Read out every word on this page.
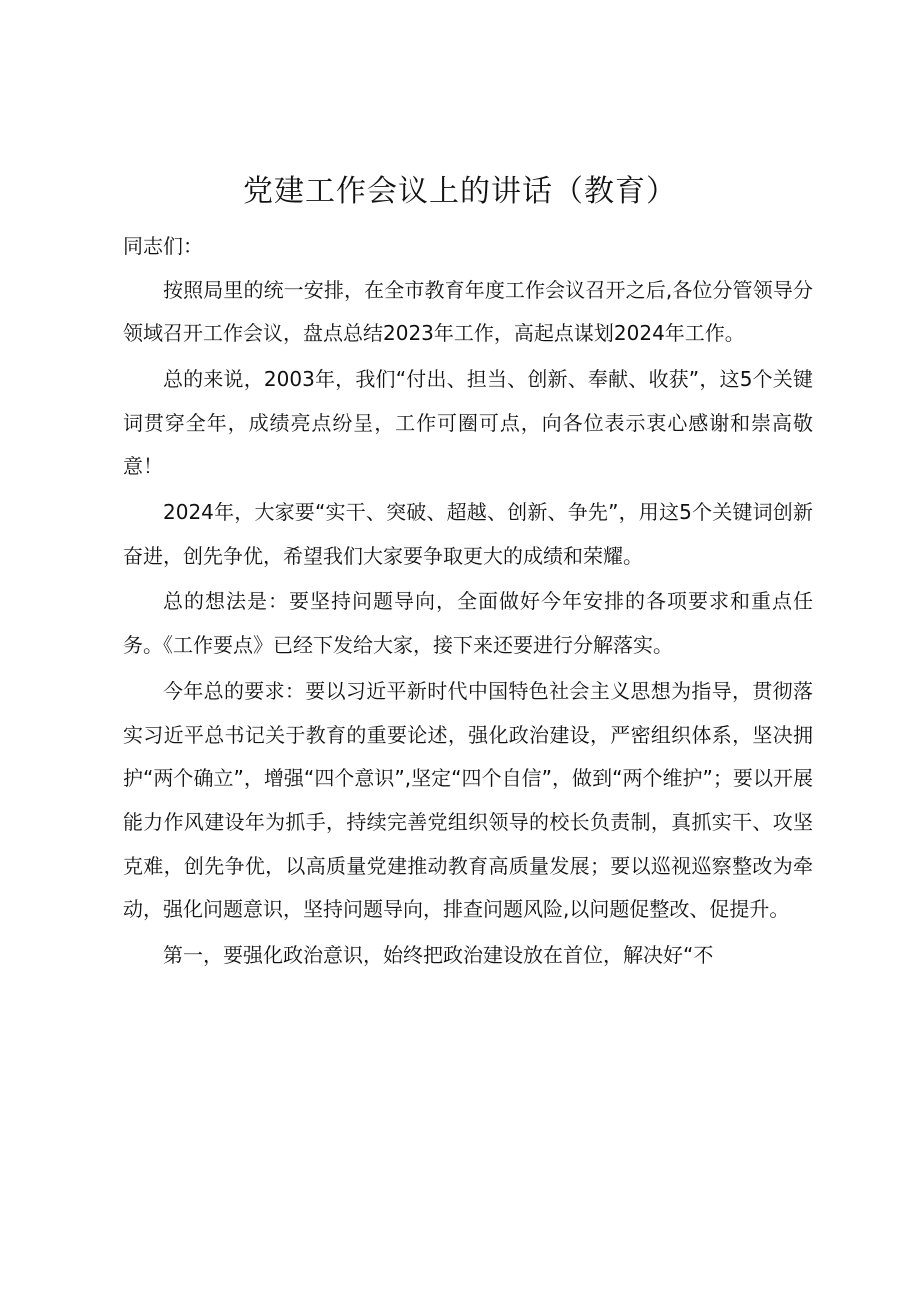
党建工作会议上的讲话（教育）

同志们：

按照局里的统一安排，在全市教育年度工作会议召开之后,各位分管领导分领域召开工作会议，盘点总结2023年工作，高起点谋划2024年工作。

总的来说，2003年，我们“付出、担当、创新、奉献、收获”，这5个关键词贯穿全年，成绩亮点纷呈，工作可圈可点，向各位表示衷心感谢和崇高敬意！

2024年，大家要“实干、突破、超越、创新、争先”，用这5个关键词创新奋进，创先争优，希望我们大家要争取更大的成绩和荣耀。

总的想法是：要坚持问题导向，全面做好今年安排的各项要求和重点任务。《工作要点》已经下发给大家，接下来还要进行分解落实。

今年总的要求：要以习近平新时代中国特色社会主义思想为指导，贯彻落实习近平总书记关于教育的重要论述，强化政治建设，严密组织体系，坚决拥护“两个确立”，增强“四个意识”,坚定“四个自信”，做到“两个维护”；要以开展能力作风建设年为抓手，持续完善党组织领导的校长负责制，真抓实干、攻坚克难，创先争优，以高质量党建推动教育高质量发展；要以巡视巡察整改为牵动，强化问题意识，坚持问题导向，排查问题风险,以问题促整改、促提升。

第一，要强化政治意识，始终把政治建设放在首位，解决好“不
